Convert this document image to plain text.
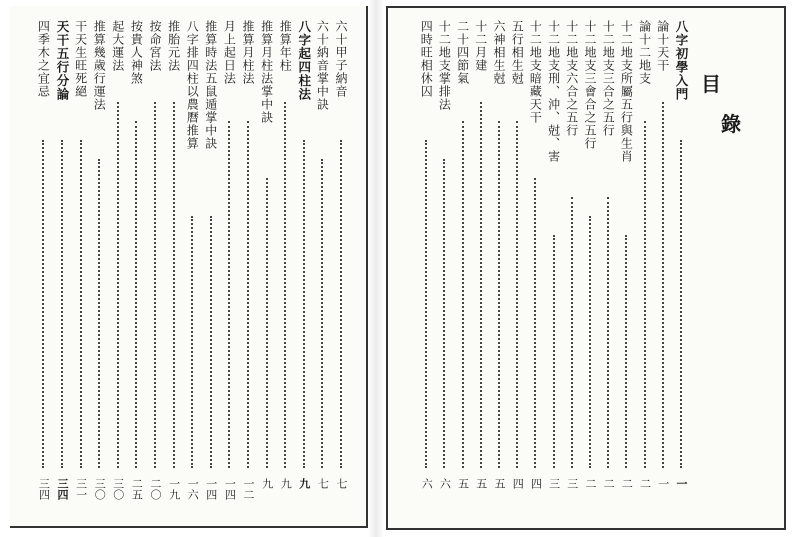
目
錄
八字初學入門
一
論十天干
一
論十二地支
二
十二地支所屬五行與生肖
二
十二地支三合之五行
二
十二地支三會合之五行
二
十二地支六合之五行
三
十二地支刑、沖、尅、害
三
十二地支暗藏天干
四
五行相生尅
四
六神相生尅
五
十二月建
五
二十四節氣
五
十二地支掌排法
六
四時旺相休囚
六
六十甲子納音
七
六十納音掌中訣
七
八字起四柱法
九
推算年柱
九
推算月柱法掌中訣
九
推算月柱法
一二
月上起日法
一四
推算時法五鼠遁掌中訣
一四
八字排四柱以農曆推算
一六
推胎元法
一九
按命宮法
二〇
按貴人神煞
二五
起大運法
三〇
推算幾歲行運法
三〇
干天生旺死絕
三一
天干五行分論
三四
四季木之宜忌
三四
